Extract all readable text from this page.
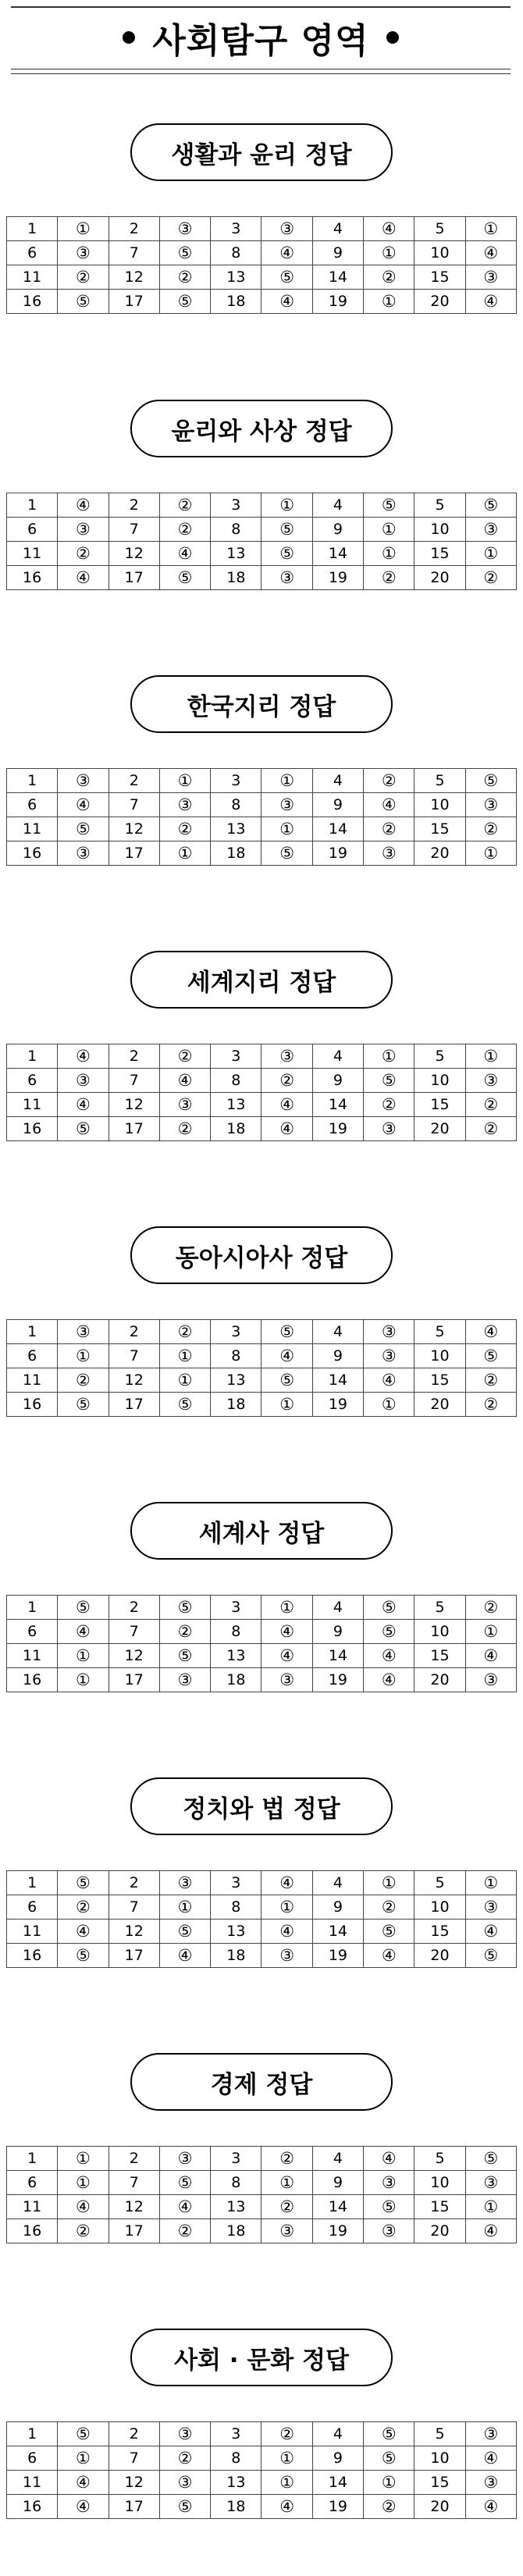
사회탐구 영역
생활과 윤리 정답
1	①	2	③	3	③	4	④	5	①
6	③	7	⑤	8	④	9	①	10	④
11	②	12	②	13	⑤	14	②	15	③
16	⑤	17	⑤	18	④	19	①	20	④
윤리와 사상 정답
1	④	2	②	3	①	4	⑤	5	⑤
6	③	7	②	8	⑤	9	①	10	③
11	②	12	④	13	⑤	14	①	15	①
16	④	17	⑤	18	③	19	②	20	②
한국지리 정답
1	③	2	①	3	①	4	②	5	⑤
6	④	7	③	8	③	9	④	10	③
11	⑤	12	②	13	①	14	②	15	②
16	③	17	①	18	⑤	19	③	20	①
세계지리 정답
1	④	2	②	3	③	4	①	5	①
6	③	7	④	8	②	9	⑤	10	③
11	④	12	③	13	④	14	②	15	②
16	⑤	17	②	18	④	19	③	20	②
동아시아사 정답
1	③	2	②	3	⑤	4	③	5	④
6	①	7	①	8	④	9	③	10	⑤
11	②	12	①	13	⑤	14	④	15	②
16	⑤	17	⑤	18	①	19	①	20	②
세계사 정답
1	⑤	2	⑤	3	①	4	⑤	5	②
6	④	7	②	8	④	9	⑤	10	①
11	①	12	⑤	13	④	14	④	15	④
16	①	17	③	18	③	19	④	20	③
정치와 법 정답
1	⑤	2	③	3	④	4	①	5	①
6	②	7	①	8	①	9	②	10	③
11	④	12	⑤	13	④	14	⑤	15	④
16	⑤	17	④	18	③	19	④	20	⑤
경제 정답
1	①	2	③	3	②	4	④	5	⑤
6	①	7	⑤	8	①	9	③	10	③
11	④	12	④	13	②	14	⑤	15	①
16	②	17	②	18	③	19	③	20	④
사회 · 문화 정답
1	⑤	2	③	3	②	4	⑤	5	③
6	①	7	②	8	①	9	⑤	10	④
11	④	12	③	13	①	14	①	15	③
16	④	17	⑤	18	④	19	②	20	④
